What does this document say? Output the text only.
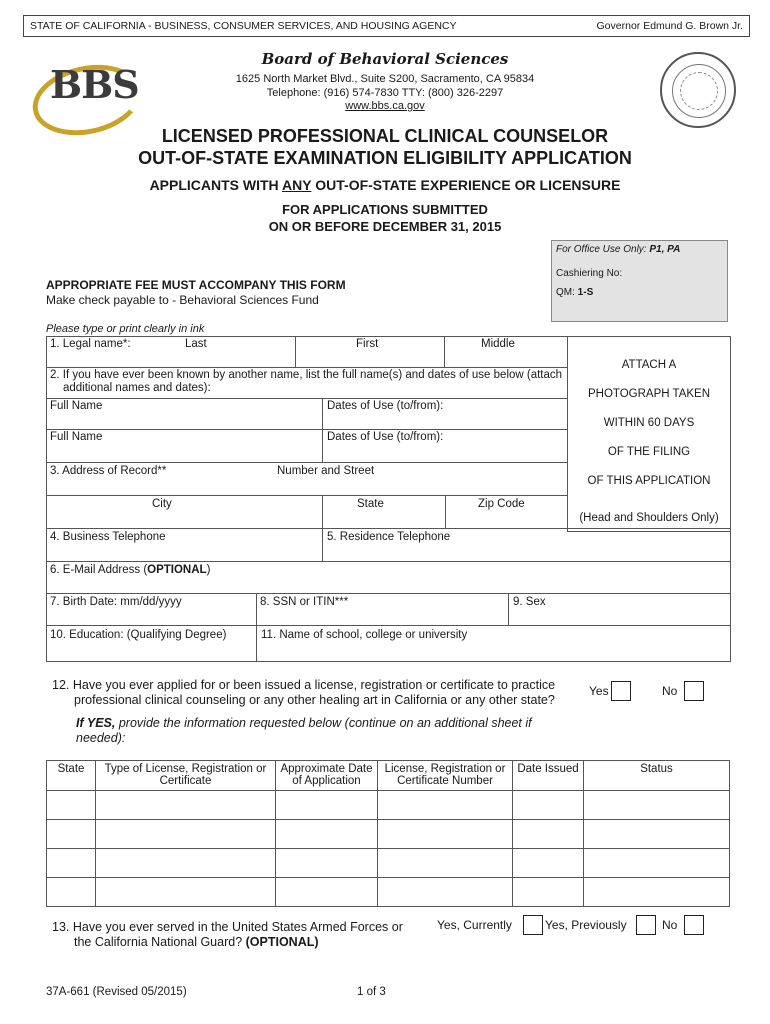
STATE OF CALIFORNIA - BUSINESS, CONSUMER SERVICES, AND HOUSING AGENCY	Governor Edmund G. Brown Jr.
BBS
Board of Behavioral Sciences
1625 North Market Blvd., Suite S200, Sacramento, CA 95834
Telephone: (916) 574-7830 TTY: (800) 326-2297
www.bbs.ca.gov
LICENSED PROFESSIONAL CLINICAL COUNSELOR
OUT-OF-STATE EXAMINATION ELIGIBILITY APPLICATION
APPLICANTS WITH ANY OUT-OF-STATE EXPERIENCE OR LICENSURE
FOR APPLICATIONS SUBMITTED
ON OR BEFORE DECEMBER 31, 2015
For Office Use Only: P1, PA
Cashiering No:
QM: 1-S
APPROPRIATE FEE MUST ACCOMPANY THIS FORM
Make check payable to - Behavioral Sciences Fund
Please type or print clearly in ink
1. Legal name*:	Last	First	Middle
ATTACH A
PHOTOGRAPH TAKEN
WITHIN 60 DAYS
OF THE FILING
OF THIS APPLICATION
(Head and Shoulders Only)
2. If you have ever been known by another name, list the full name(s) and dates of use below (attach
additional names and dates):
Full Name	Dates of Use (to/from):
Full Name	Dates of Use (to/from):
3. Address of Record**	Number and Street
City	State	Zip Code
4. Business Telephone	5. Residence Telephone
6. E-Mail Address (OPTIONAL)
7. Birth Date: mm/dd/yyyy	8. SSN or ITIN***	9. Sex
10. Education: (Qualifying Degree)	11. Name of school, college or university
12. Have you ever applied for or been issued a license, registration or certificate to practice
professional clinical counseling or any other healing art in California or any other state?
Yes	No
If YES, provide the information requested below (continue on an additional sheet if
needed):
State	Type of License, Registration or Certificate	Approximate Date of Application	License, Registration or Certificate Number	Date Issued	Status

13. Have you ever served in the United States Armed Forces or
the California National Guard? (OPTIONAL)
Yes, Currently	Yes, Previously	No
37A-661 (Revised 05/2015)	1 of 3
